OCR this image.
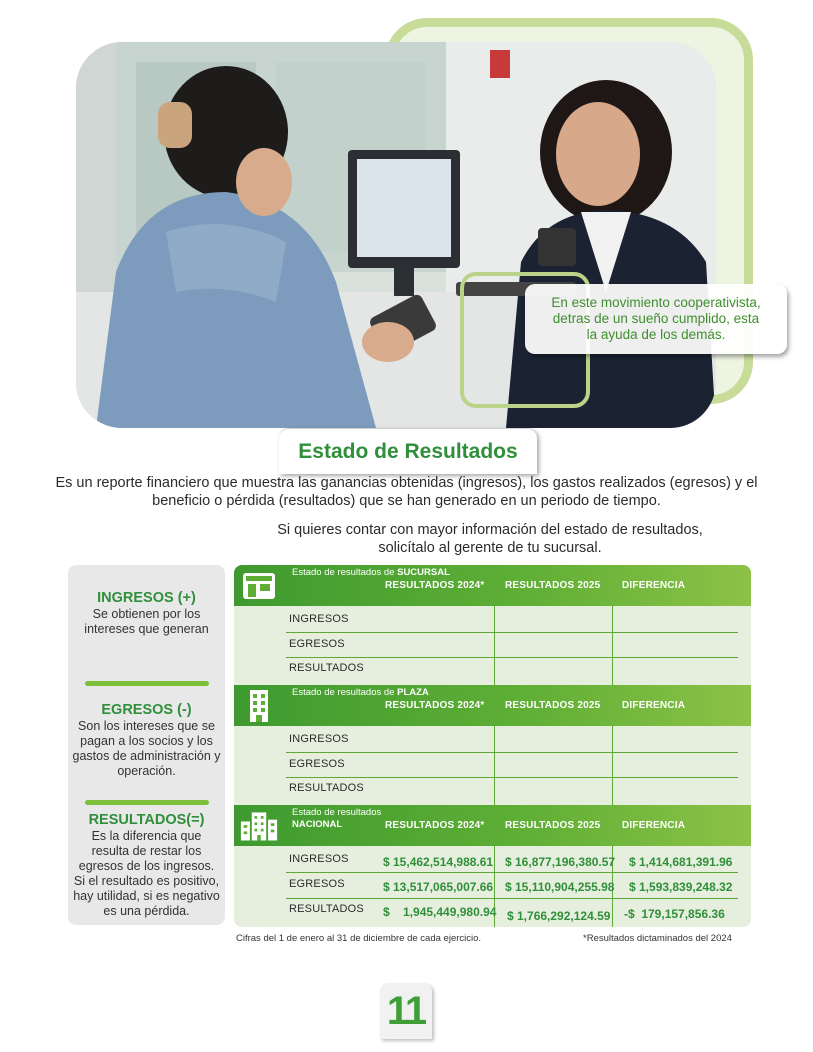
En este movimiento cooperativista, detras de un sueño cumplido, esta la ayuda de los demás.
Estado de Resultados
Es un reporte financiero que muestra las ganancias obtenidas (ingresos), los gastos realizados (egresos) y el beneficio o pérdida (resultados) que se han generado en un periodo de tiempo.
Si quieres contar con mayor información del estado de resultados, solicítalo al gerente de tu sucursal.
INGRESOS (+)
Se obtienen por los intereses que generan
EGRESOS (-)
Son los intereses que se pagan a los socios y los gastos de administración y operación.
RESULTADOS(=)
Es la diferencia que resulta de restar los egresos de los ingresos. Si el resultado es positivo, hay utilidad, si es negativo es una pérdida.
Estado de resultados de SUCURSAL
RESULTADOS 2024* RESULTADOS 2025 DIFERENCIA
INGRESOS
EGRESOS
RESULTADOS
Estado de resultados de PLAZA
RESULTADOS 2024* RESULTADOS 2025 DIFERENCIA
INGRESOS
EGRESOS
RESULTADOS
Estado de resultados
NACIONAL	RESULTADOS 2024* RESULTADOS 2025 DIFERENCIA
INGRESOS	$ 15,462,514,988.61 $ 16,877,196,380.57 $ 1,414,681,391.96
EGRESOS	$ 13,517,065,007.66 $ 15,110,904,255.98 $ 1,593,839,248.32
RESULTADOS $    1,945,449,980.94 $ 1,766,292,124.59 -$  179,157,856.36
Cifras del 1 de enero al 31 de diciembre de cada ejercicio.	*Resultados dictaminados del 2024
11
